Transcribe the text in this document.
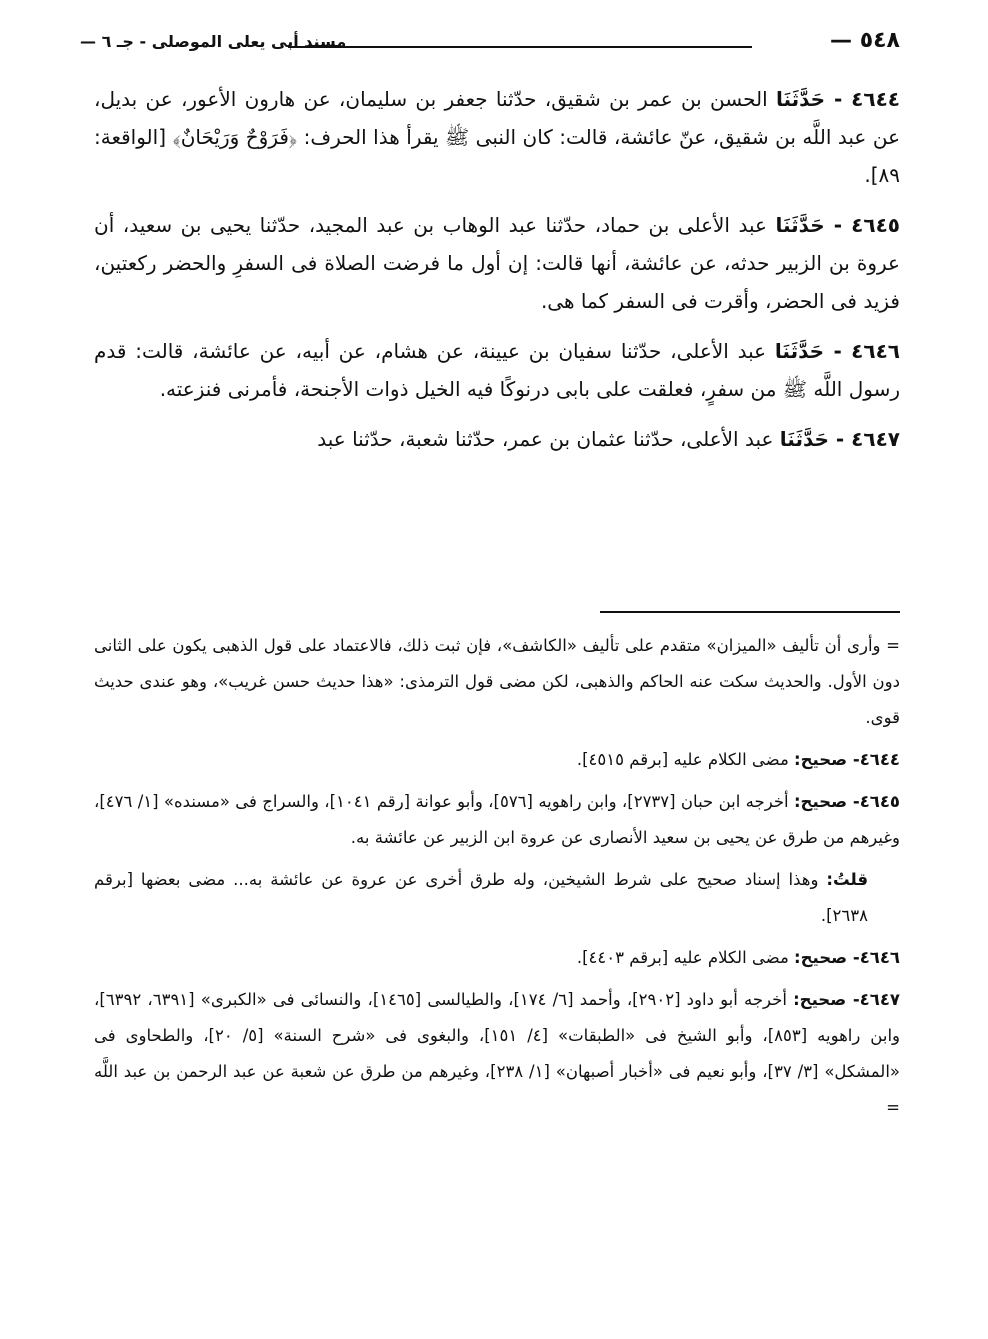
٥٤٨ —
مسند أبى يعلى الموصلى - جـ ٦ —

٤٦٤٤ - حَدَّثَنَا الحسن بن عمر بن شقيق، حدّثنا جعفر بن سليمان، عن هارون الأعور، عن بديل، عن عبد اللَّه بن شقيق، عنّ عائشة، قالت: كان النبى ﷺ يقرأ هذا الحرف: ﴿فَرَوْحٌ وَرَيْحَانٌ﴾ [الواقعة: ٨٩].

٤٦٤٥ - حَدَّثَنَا عبد الأعلى بن حماد، حدّثنا عبد الوهاب بن عبد المجيد، حدّثنا يحيى بن سعيد، أن عروة بن الزبير حدثه، عن عائشة، أنها قالت: إن أول ما فرضت الصلاة فى السفرِ والحضر ركعتين، فزيد فى الحضر، وأقرت فى السفر كما هى.

٤٦٤٦ - حَدَّثَنَا عبد الأعلى، حدّثنا سفيان بن عيينة، عن هشام، عن أبيه، عن عائشة، قالت: قدم رسول اللَّه ﷺ من سفرٍ، فعلقت على بابى درنوكًا فيه الخيل ذوات الأجنحة، فأمرنى فنزعته.

٤٦٤٧ - حَدَّثَنَا عبد الأعلى، حدّثنا عثمان بن عمر، حدّثنا شعبة، حدّثنا عبد

= وأرى أن تأليف «الميزان» متقدم على تأليف «الكاشف»، فإن ثبت ذلك، فالاعتماد على قول الذهبى يكون على الثانى دون الأول. والحديث سكت عنه الحاكم والذهبى، لكن مضى قول الترمذى: «هذا حديث حسن غريب»، وهو عندى حديث قوى.

٤٦٤٤- صحيح: مضى الكلام عليه [برقم ٤٥١٥].

٤٦٤٥- صحيح: أخرجه ابن حبان [٢٧٣٧]، وابن راهويه [٥٧٦]، وأبو عوانة [رقم ١٠٤١]، والسراج فى «مسنده» [١/ ٤٧٦]، وغيرهم من طرق عن يحيى بن سعيد الأنصارى عن عروة ابن الزبير عن عائشة به.

قلتُ: وهذا إسناد صحيح على شرط الشيخين، وله طرق أخرى عن عروة عن عائشة به... مضى بعضها [برقم ٢٦٣٨].

٤٦٤٦- صحيح: مضى الكلام عليه [برقم ٤٤٠٣].

٤٦٤٧- صحيح: أخرجه أبو داود [٢٩٠٢]، وأحمد [٦/ ١٧٤]، والطيالسى [١٤٦٥]، والنسائى فى «الكبرى» [٦٣٩١، ٦٣٩٢]، وابن راهويه [٨٥٣]، وأبو الشيخ فى «الطبقات» [٤/ ١٥١]، والبغوى فى «شرح السنة» [٥/ ٢٠]، والطحاوى فى «المشكل» [٣/ ٣٧]، وأبو نعيم فى «أخبار أصبهان» [١/ ٢٣٨]، وغيرهم من طرق عن شعبة عن عبد الرحمن بن عبد اللَّه =
